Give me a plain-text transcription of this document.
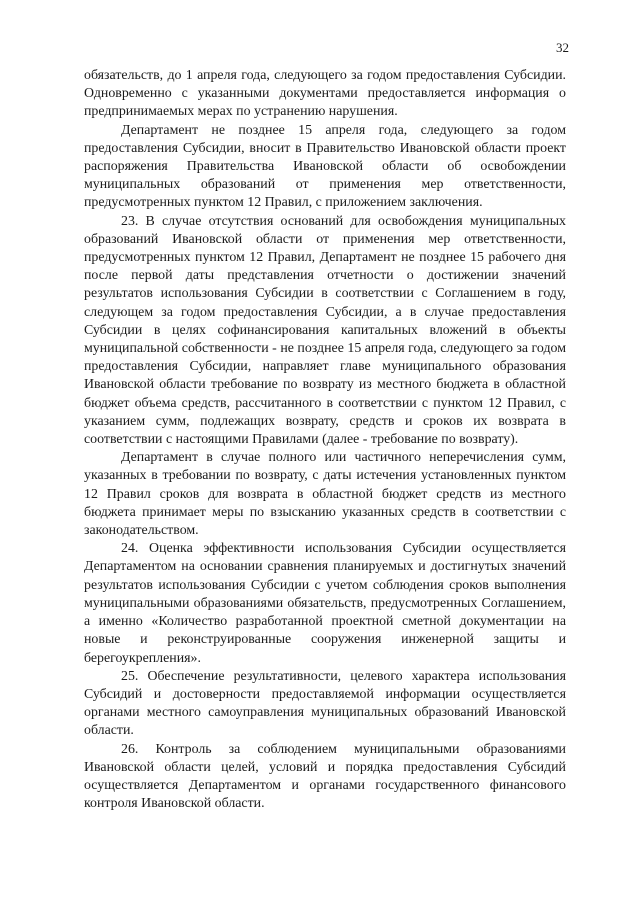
32

обязательств, до 1 апреля года, следующего за годом предоставления Субсидии. Одновременно с указанными документами предоставляется информация о предпринимаемых мерах по устранению нарушения.

Департамент не позднее 15 апреля года, следующего за годом предоставления Субсидии, вносит в Правительство Ивановской области проект распоряжения Правительства Ивановской области об освобождении муниципальных образований от применения мер ответственности, предусмотренных пунктом 12 Правил, с приложением заключения.

23. В случае отсутствия оснований для освобождения муниципальных образований Ивановской области от применения мер ответственности, предусмотренных пунктом 12 Правил, Департамент не позднее 15 рабочего дня после первой даты представления отчетности о достижении значений результатов использования Субсидии в соответствии с Соглашением в году, следующем за годом предоставления Субсидии, а в случае предоставления Субсидии в целях софинансирования капитальных вложений в объекты муниципальной собственности - не позднее 15 апреля года, следующего за годом предоставления Субсидии, направляет главе муниципального образования Ивановской области требование по возврату из местного бюджета в областной бюджет объема средств, рассчитанного в соответствии с пунктом 12 Правил, с указанием сумм, подлежащих возврату, средств и сроков их возврата в соответствии с настоящими Правилами (далее - требование по возврату).

Департамент в случае полного или частичного неперечисления сумм, указанных в требовании по возврату, с даты истечения установленных пунктом 12 Правил сроков для возврата в областной бюджет средств из местного бюджета принимает меры по взысканию указанных средств в соответствии с законодательством.

24. Оценка эффективности использования Субсидии осуществляется Департаментом на основании сравнения планируемых и достигнутых значений результатов использования Субсидии с учетом соблюдения сроков выполнения муниципальными образованиями обязательств, предусмотренных Соглашением, а именно «Количество разработанной проектной сметной документации на новые и реконструированные сооружения инженерной защиты и берегоукрепления».

25. Обеспечение результативности, целевого характера использования Субсидий и достоверности предоставляемой информации осуществляется органами местного самоуправления муниципальных образований Ивановской области.

26. Контроль за соблюдением муниципальными образованиями Ивановской области целей, условий и порядка предоставления Субсидий осуществляется Департаментом и органами государственного финансового контроля Ивановской области.
